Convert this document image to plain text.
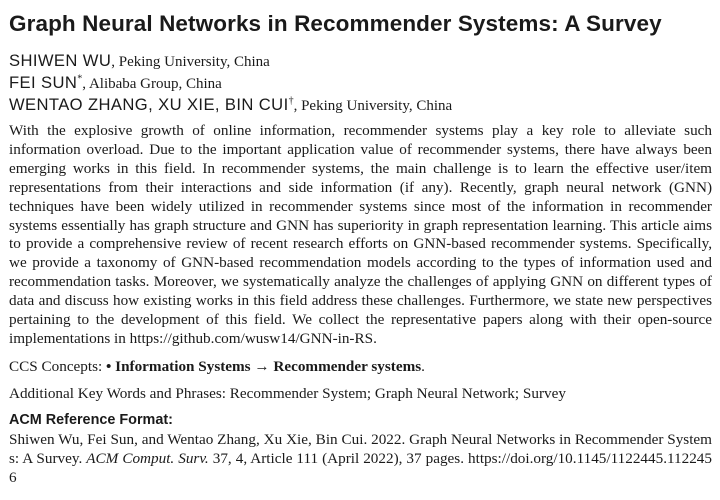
Graph Neural Networks in Recommender Systems: A Survey
SHIWEN WU, Peking University, China
FEI SUN*, Alibaba Group, China
WENTAO ZHANG, XU XIE, BIN CUI†, Peking University, China

With the explosive growth of online information, recommender systems play a key role to alleviate such information overload. Due to the important application value of recommender systems, there have always been emerging works in this field. In recommender systems, the main challenge is to learn the effective user/item representations from their interactions and side information (if any). Recently, graph neural network (GNN) techniques have been widely utilized in recommender systems since most of the information in recommender systems essentially has graph structure and GNN has superiority in graph representation learning. This article aims to provide a comprehensive review of recent research efforts on GNN-based recommender systems. Specifically, we provide a taxonomy of GNN-based recommendation models according to the types of information used and recommendation tasks. Moreover, we systematically analyze the challenges of applying GNN on different types of data and discuss how existing works in this field address these challenges. Furthermore, we state new perspectives pertaining to the development of this field. We collect the representative papers along with their open-source implementations in https://github.com/wusw14/GNN-in-RS.

CCS Concepts: • Information Systems → Recommender systems.
Additional Key Words and Phrases: Recommender System; Graph Neural Network; Survey
ACM Reference Format:
Shiwen Wu, Fei Sun, and Wentao Zhang, Xu Xie, Bin Cui. 2022. Graph Neural Networks in Recommender Systems: A Survey. ACM Comput. Surv. 37, 4, Article 111 (April 2022), 37 pages. https://doi.org/10.1145/1122445.1122456
